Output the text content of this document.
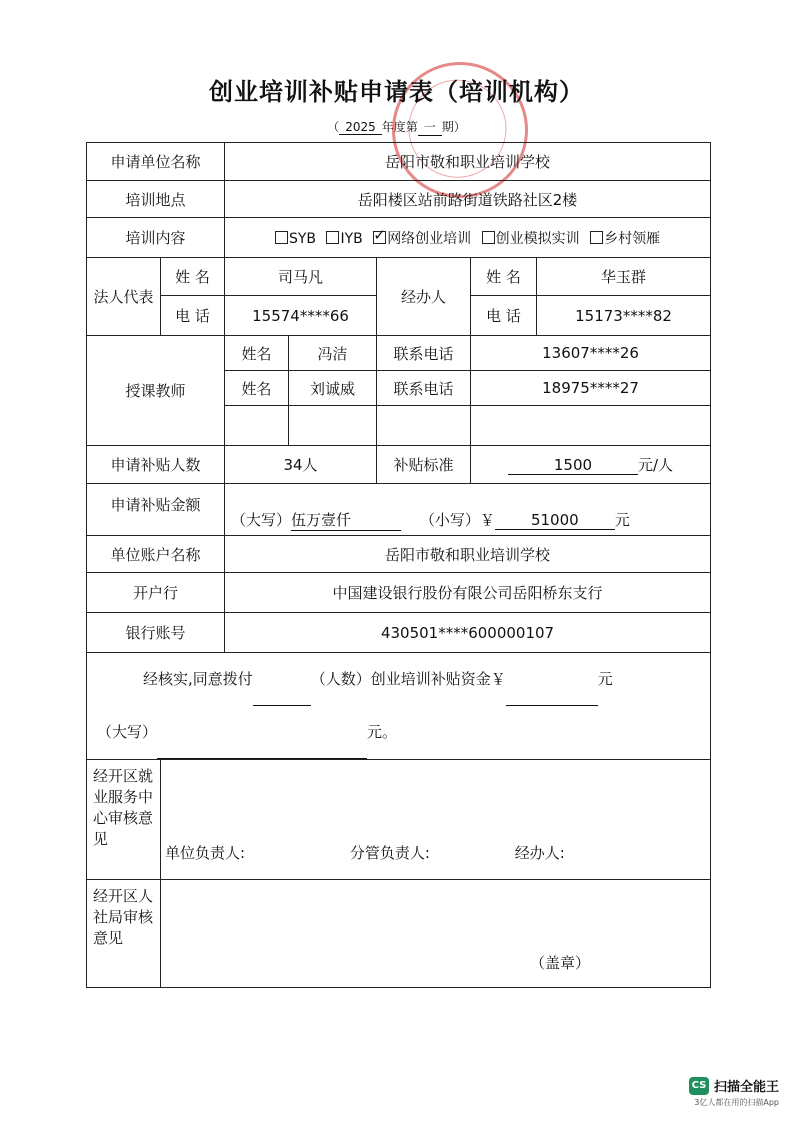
创业培训补贴申请表（培训机构）
（ 2025 年度第 一 期）
申请单位名称		岳阳市敬和职业培训学校				
培训地点		岳阳楼区站前路街道铁路社区2楼				
培训内容		SYB IYB ✓ 网络创业培训 创业模拟实训 乡村领雁
法人代表	姓 名	司马凡		经办人	姓 名	华玉群
	电 话	15574****66			电 话	15173****82
授课教师		姓名	冯洁	联系电话	13607****26	
		姓名	刘诚威	联系电话	18975****27	

申请补贴人数		34人		补贴标准	1500 元/人	
申请补贴金额		（大写）伍万壹仟 （小写）￥ 51000 元				
单位账户名称		岳阳市敬和职业培训学校				
开户行		中国建设银行股份有限公司岳阳桥东支行				
银行账号		430501****600000107				

经核实,同意拨付 （人数）创业培训补贴资金￥ 元
（大写） 元。						

经开区就业服务中心审核意见	单位负责人: 分管负责人: 经办人:					
经开区人社局审核意见	（盖章）					
CS 扫描全能王
3亿人都在用的扫描App
